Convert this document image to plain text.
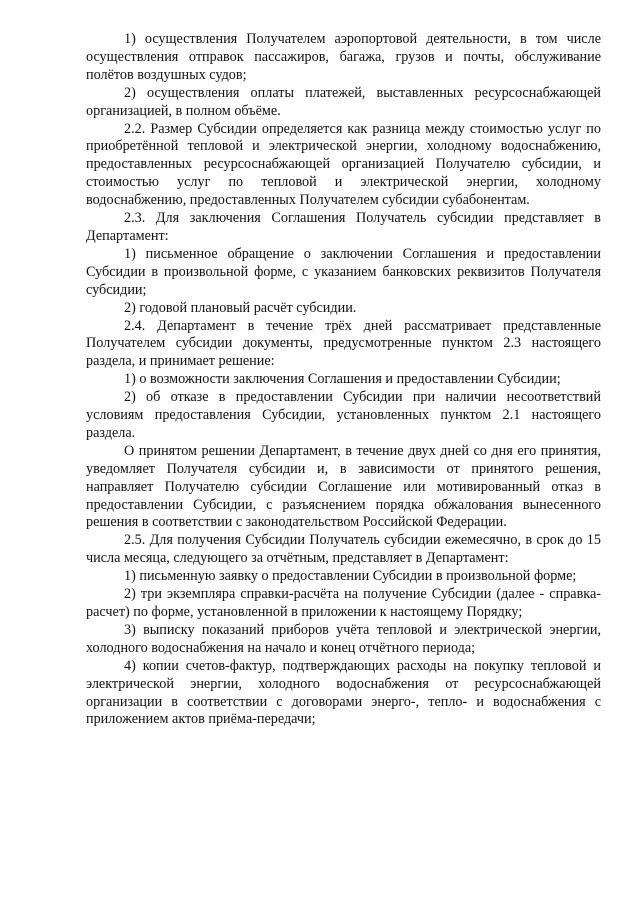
1) осуществления Получателем аэропортовой деятельности, в том числе осуществления отправок пассажиров, багажа, грузов и почты, обслуживание полётов воздушных судов;

2) осуществления оплаты платежей, выставленных ресурсоснабжающей организацией, в полном объёме.

2.2. Размер Субсидии определяется как разница между стоимостью услуг по приобретённой тепловой и электрической энергии, холодному водоснабжению, предоставленных ресурсоснабжающей организацией Получателю субсидии, и стоимостью услуг по тепловой и электрической энергии, холодному водоснабжению, предоставленных Получателем субсидии субабонентам.

2.3. Для заключения Соглашения Получатель субсидии представляет в Департамент:

1) письменное обращение о заключении Соглашения и предоставлении Субсидии в произвольной форме, с указанием банковских реквизитов Получателя субсидии;

2) годовой плановый расчёт субсидии.

2.4. Департамент в течение трёх дней рассматривает представленные Получателем субсидии документы, предусмотренные пунктом 2.3 настоящего раздела, и принимает решение:

1) о возможности заключения Соглашения и предоставлении Субсидии;

2) об отказе в предоставлении Субсидии при наличии несоответствий условиям предоставления Субсидии, установленных пунктом 2.1 настоящего раздела.

О принятом решении Департамент, в течение двух дней со дня его принятия, уведомляет Получателя субсидии и, в зависимости от принятого решения, направляет Получателю субсидии Соглашение или мотивированный отказ в предоставлении Субсидии, с разъяснением порядка обжалования вынесенного решения в соответствии с законодательством Российской Федерации.

2.5. Для получения Субсидии Получатель субсидии ежемесячно, в срок до 15 числа месяца, следующего за отчётным, представляет в Департамент:

1) письменную заявку о предоставлении Субсидии в произвольной форме;

2) три экземпляра справки-расчёта на получение Субсидии (далее - справка-расчет) по форме, установленной в приложении к настоящему Порядку;

3) выписку показаний приборов учёта тепловой и электрической энергии, холодного водоснабжения на начало и конец отчётного периода;

4) копии счетов-фактур, подтверждающих расходы на покупку тепловой и электрической энергии, холодного водоснабжения от ресурсоснабжающей организации в соответствии с договорами энерго-, тепло- и водоснабжения с приложением актов приёма-передачи;
